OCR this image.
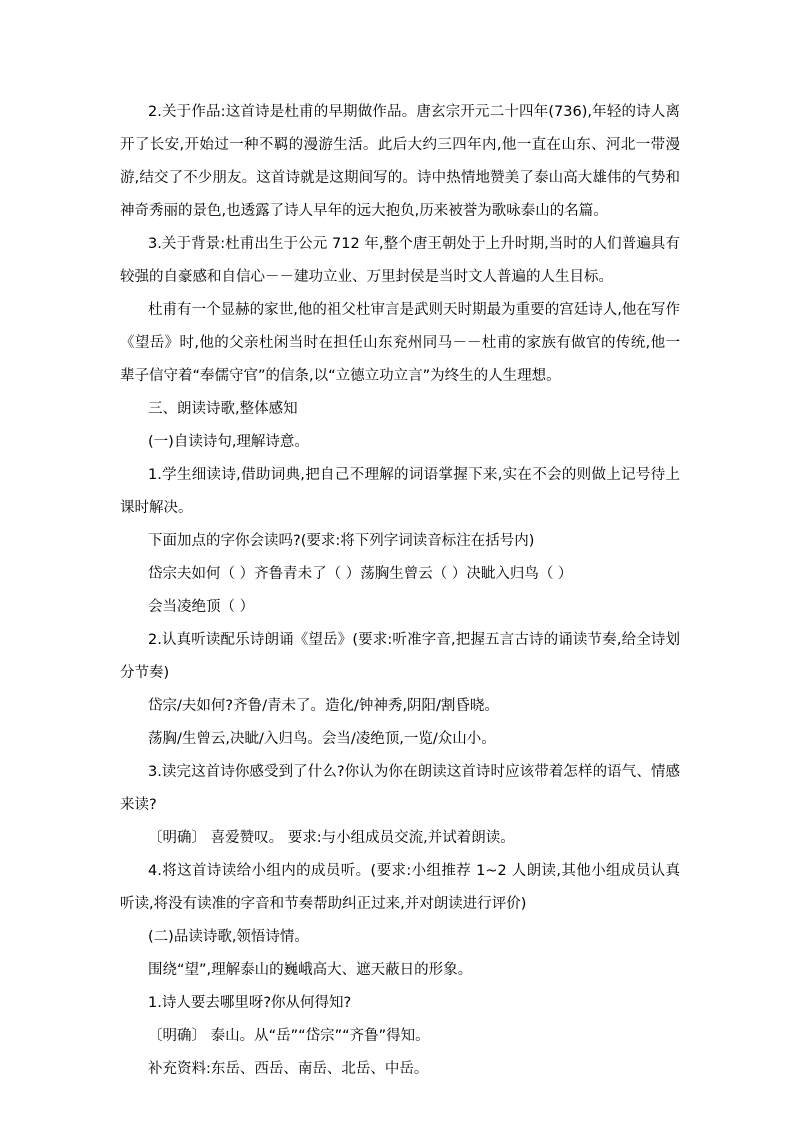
2.关于作品:这首诗是杜甫的早期做作品。唐玄宗开元二十四年(736),年轻的诗人离开了长安,开始过一种不羁的漫游生活。此后大约三四年内,他一直在山东、河北一带漫游,结交了不少朋友。这首诗就是这期间写的。诗中热情地赞美了泰山高大雄伟的气势和神奇秀丽的景色,也透露了诗人早年的远大抱负,历来被誉为歌咏泰山的名篇。

3.关于背景:杜甫出生于公元 712 年,整个唐王朝处于上升时期,当时的人们普遍具有较强的自豪感和自信心－－建功立业、万里封侯是当时文人普遍的人生目标。

杜甫有一个显赫的家世,他的祖父杜审言是武则天时期最为重要的宫廷诗人,他在写作《望岳》时,他的父亲杜闲当时在担任山东兖州同马－－杜甫的家族有做官的传统,他一辈子信守着“奉儒守官”的信条,以“立德立功立言”为终生的人生理想。

三、朗读诗歌,整体感知

(一)自读诗句,理解诗意。

1.学生细读诗,借助词典,把自己不理解的词语掌握下来,实在不会的则做上记号待上课时解决。

下面加点的字你会读吗?(要求:将下列字词读音标注在括号内)

岱宗夫如何（ ）齐鲁青未了（ ）荡胸生曾云（ ）决眦入归鸟（ ）

会当凌绝顶（ ）

2.认真听读配乐诗朗诵《望岳》(要求:听准字音,把握五言古诗的诵读节奏,给全诗划分节奏)

岱宗/夫如何?齐鲁/青未了。造化/钟神秀,阴阳/割昏晓。

荡胸/生曾云,决眦/入归鸟。会当/凌绝顶,一览/众山小。

3.读完这首诗你感受到了什么?你认为你在朗读这首诗时应该带着怎样的语气、情感来读?

〔明确〕 喜爱赞叹。 要求:与小组成员交流,并试着朗读。

4.将这首诗读给小组内的成员听。(要求:小组推荐 1~2 人朗读,其他小组成员认真听读,将没有读准的字音和节奏帮助纠正过来,并对朗读进行评价)

(二)品读诗歌,领悟诗情。

围绕“望”,理解泰山的巍峨高大、遮天蔽日的形象。

1.诗人要去哪里呀?你从何得知?

〔明确〕 泰山。从“岳”“岱宗”“齐鲁”得知。

补充资料:东岳、西岳、南岳、北岳、中岳。
